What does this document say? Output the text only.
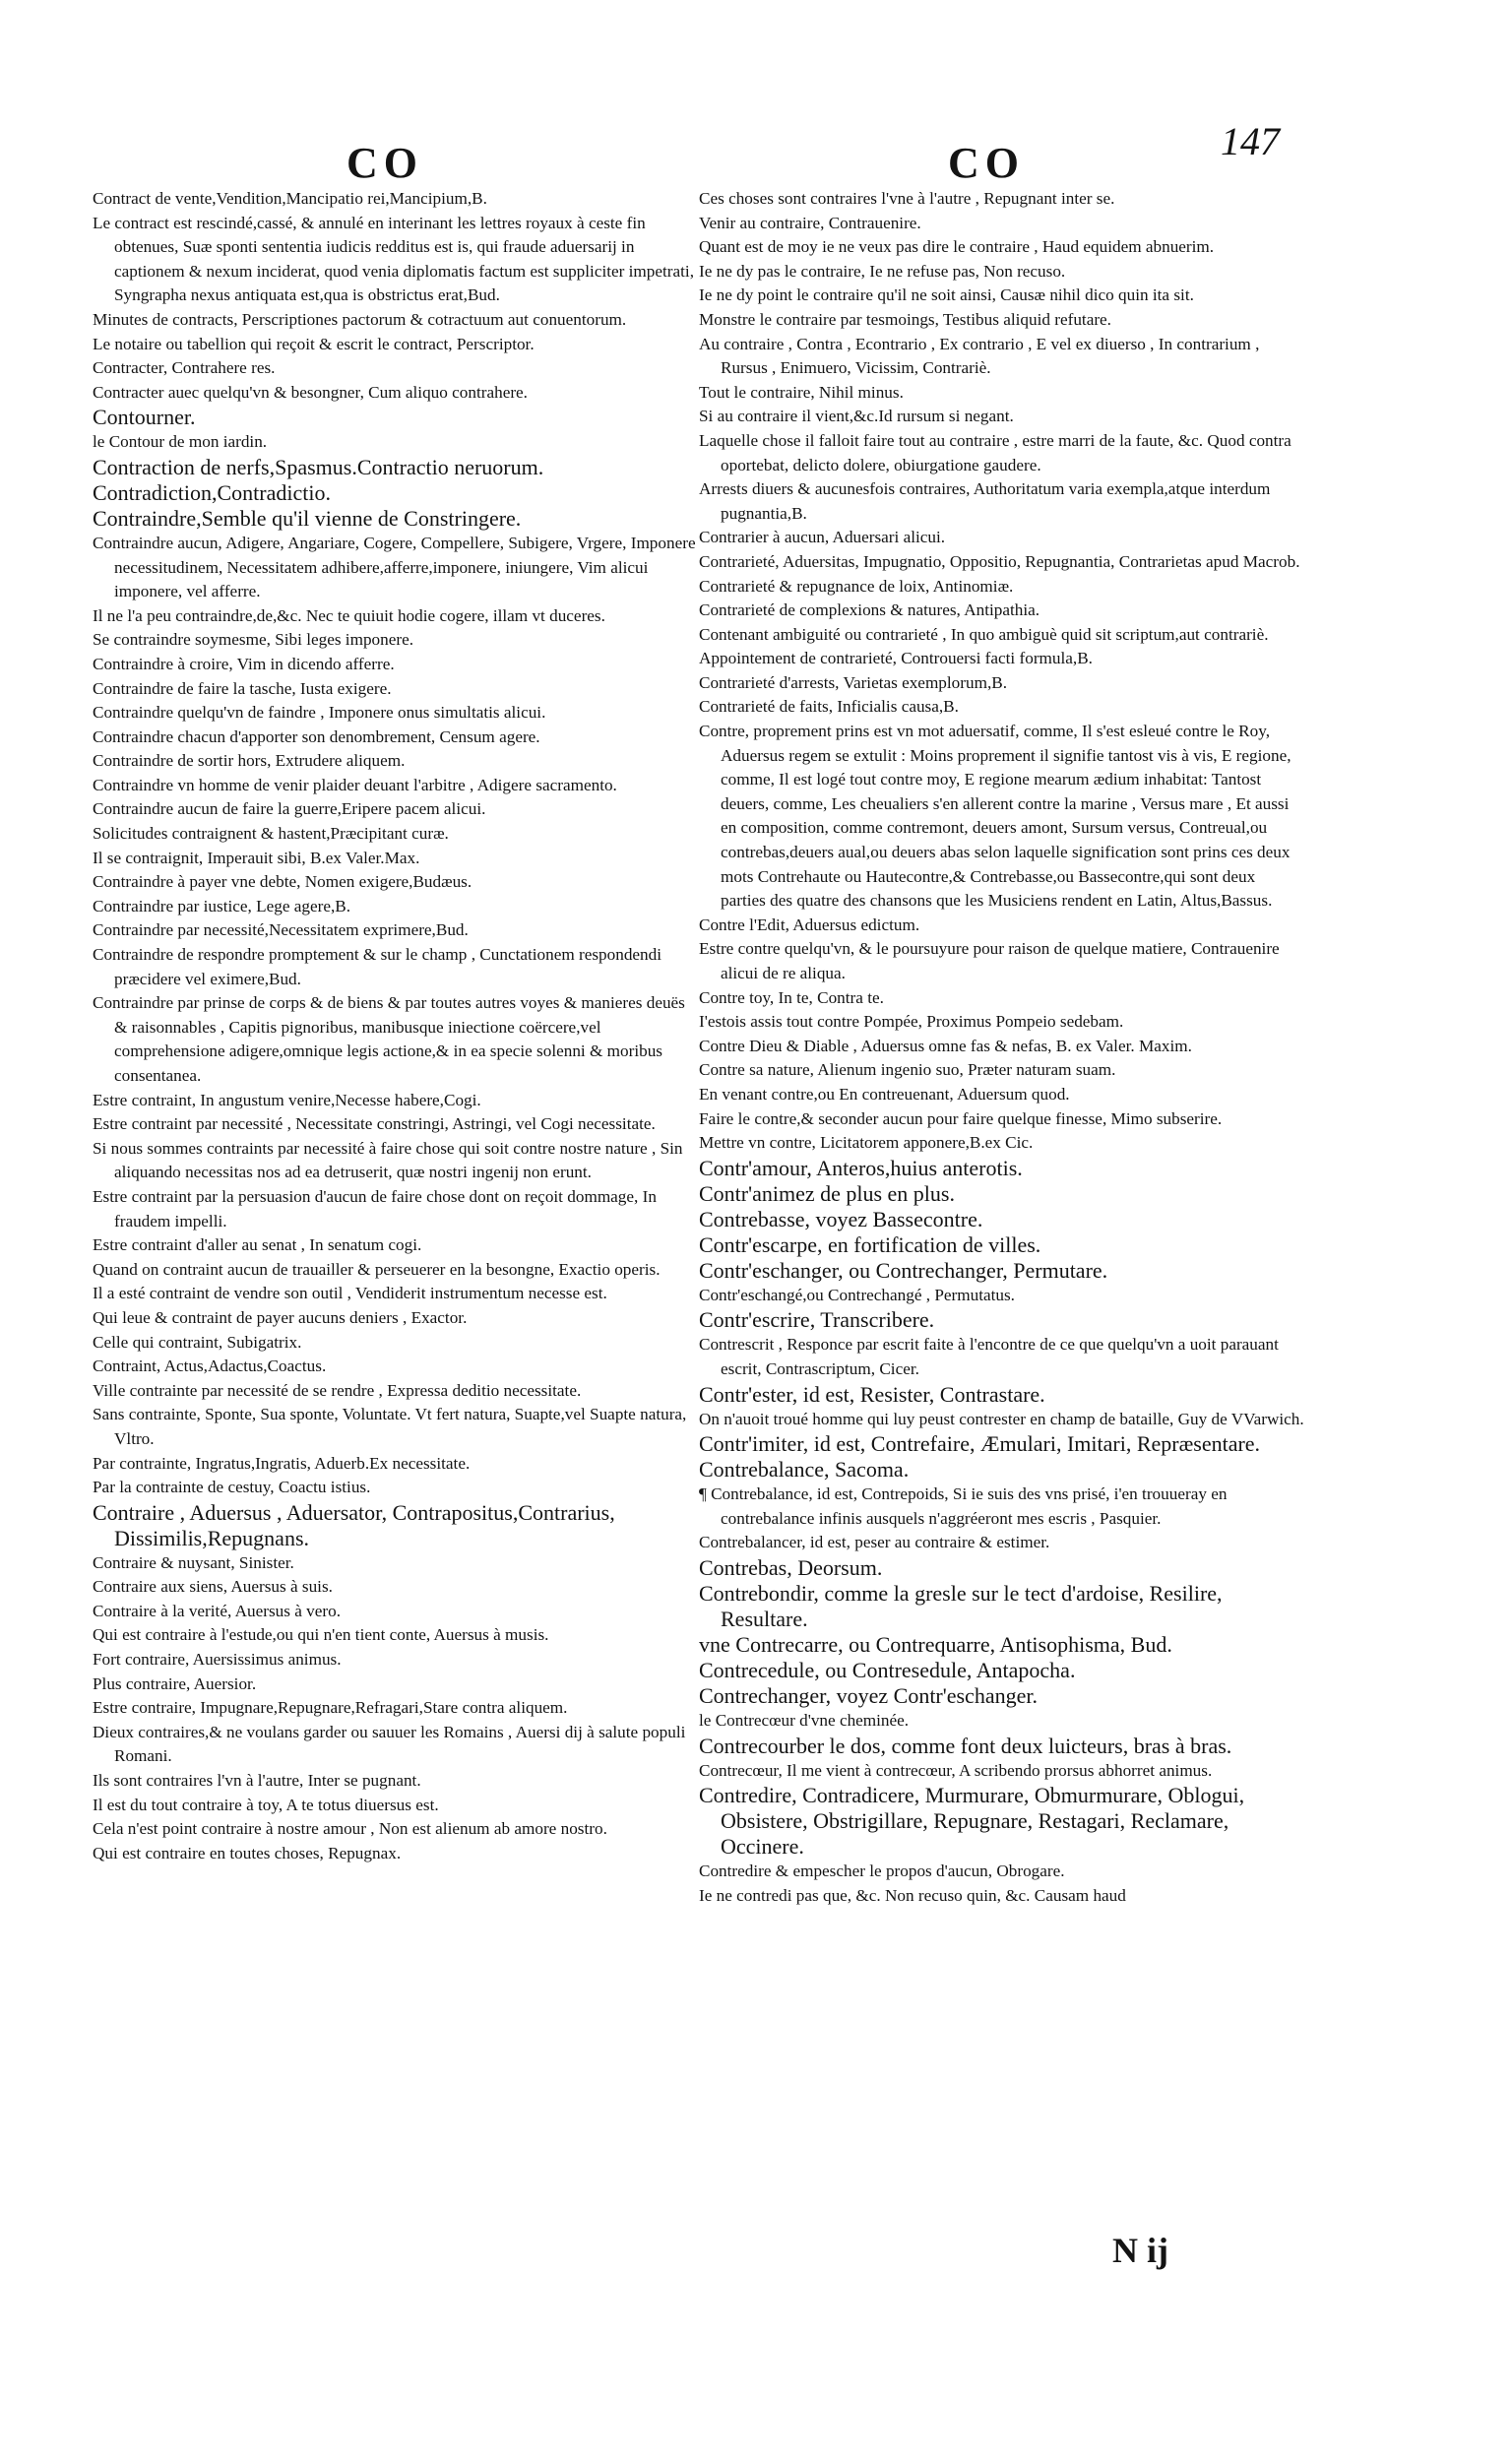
CO	CO	147

Contract de vente,Vendition,Mancipatio rei,Mancipium,B.

Le contract est rescindé,cassé, & annulé en interinant les lettres royaux à ceste fin obtenues, Suæ sponti sententia iudicis redditus est is, qui fraude aduersarij in captionem & nexum inciderat, quod venia diplomatis factum est suppliciter impetrati, Syngrapha nexus antiquata est,qua is obstrictus erat,Bud.

Minutes de contracts, Perscriptiones pactorum & cotractuum aut conuentorum.

Le notaire ou tabellion qui reçoit & escrit le contract, Perscriptor.

Contracter, Contrahere res.

Contracter auec quelqu'vn & besongner, Cum aliquo contrahere.

Contourner.

le Contour de mon iardin.

Contraction de nerfs,Spasmus.Contractio neruorum.

Contradiction,Contradictio.

Contraindre,Semble qu'il vienne de Constringere.

Contraindre aucun, Adigere, Angariare, Cogere, Compellere, Subigere, Vrgere, Imponere necessitudinem, Necessitatem adhibere,afferre,imponere, iniungere, Vim alicui imponere, vel afferre.

Il ne l'a peu contraindre,de,&c. Nec te quiuit hodie cogere, illam vt duceres.

Se contraindre soymesme, Sibi leges imponere.

Contraindre à croire, Vim in dicendo afferre.

Contraindre de faire la tasche, Iusta exigere.

Contraindre quelqu'vn de faindre , Imponere onus simultatis alicui.

Contraindre chacun d'apporter son denombrement, Censum agere.

Contraindre de sortir hors, Extrudere aliquem.

Contraindre vn homme de venir plaider deuant l'arbitre , Adigere sacramento.

Contraindre aucun de faire la guerre,Eripere pacem alicui.

Solicitudes contraignent & hastent,Præcipitant curæ.

Il se contraignit, Imperauit sibi, B.ex Valer.Max.

Contraindre à payer vne debte, Nomen exigere,Budæus.

Contraindre par iustice, Lege agere,B.

Contraindre par necessité,Necessitatem exprimere,Bud.

Contraindre de respondre promptement & sur le champ , Cunctationem respondendi præcidere vel eximere,Bud.

Contraindre par prinse de corps & de biens & par toutes autres voyes & manieres deuës & raisonnables , Capitis pignoribus, manibusque iniectione coërcere,vel comprehensione adigere,omnique legis actione,& in ea specie solenni & moribus consentanea.

Estre contraint, In angustum venire,Necesse habere,Cogi.

Estre contraint par necessité , Necessitate constringi, Astringi, vel Cogi necessitate.

Si nous sommes contraints par necessité à faire chose qui soit contre nostre nature , Sin aliquando necessitas nos ad ea detruserit, quæ nostri ingenij non erunt.

Estre contraint par la persuasion d'aucun de faire chose dont on reçoit dommage, In fraudem impelli.

Estre contraint d'aller au senat , In senatum cogi.

Quand on contraint aucun de trauailler & perseuerer en la besongne, Exactio operis.

Il a esté contraint de vendre son outil , Vendiderit instrumentum necesse est.

Qui leue & contraint de payer aucuns deniers , Exactor.

Celle qui contraint, Subigatrix.

Contraint, Actus,Adactus,Coactus.

Ville contrainte par necessité de se rendre , Expressa deditio necessitate.

Sans contrainte, Sponte, Sua sponte, Voluntate. Vt fert natura, Suapte,vel Suapte natura, Vltro.

Par contrainte, Ingratus,Ingratis, Aduerb.Ex necessitate.

Par la contrainte de cestuy, Coactu istius.

Contraire , Aduersus , Aduersator, Contrapositus,Contrarius, Dissimilis,Repugnans.

Contraire & nuysant, Sinister.

Contraire aux siens, Auersus à suis.

Contraire à la verité, Auersus à vero.

Qui est contraire à l'estude,ou qui n'en tient conte, Auersus à musis.

Fort contraire, Auersissimus animus.

Plus contraire, Auersior.

Estre contraire, Impugnare,Repugnare,Refragari,Stare contra aliquem.

Dieux contraires,& ne voulans garder ou sauuer les Romains , Auersi dij à salute populi Romani.

Ils sont contraires l'vn à l'autre, Inter se pugnant.

Il est du tout contraire à toy, A te totus diuersus est.

Cela n'est point contraire à nostre amour , Non est alienum ab amore nostro.

Qui est contraire en toutes choses, Repugnax.

Ces choses sont contraires l'vne à l'autre , Repugnant inter se.

Venir au contraire, Contrauenire.

Quant est de moy ie ne veux pas dire le contraire , Haud equidem abnuerim.

Ie ne dy pas le contraire, Ie ne refuse pas, Non recuso.

Ie ne dy point le contraire qu'il ne soit ainsi, Causæ nihil dico quin ita sit.

Monstre le contraire par tesmoings, Testibus aliquid refutare.

Au contraire , Contra , Econtrario , Ex contrario , E vel ex diuerso , In contrarium , Rursus , Enimuero, Vicissim, Contrariè.

Tout le contraire, Nihil minus.

Si au contraire il vient,&c.Id rursum si negant.

Laquelle chose il falloit faire tout au contraire , estre marri de la faute, &c. Quod contra oportebat, delicto dolere, obiurgatione gaudere.

Arrests diuers & aucunesfois contraires, Authoritatum varia exempla,atque interdum pugnantia,B.

Contrarier à aucun, Aduersari alicui.

Contrarieté, Aduersitas, Impugnatio, Oppositio, Repugnantia, Contrarietas apud Macrob.

Contrarieté & repugnance de loix, Antinomiæ.

Contrarieté de complexions & natures, Antipathia.

Contenant ambiguité ou contrarieté , In quo ambiguè quid sit scriptum,aut contrariè.

Appointement de contrarieté, Controuersi facti formula,B.

Contrarieté d'arrests, Varietas exemplorum,B.

Contrarieté de faits, Inficialis causa,B.

Contre, proprement prins est vn mot aduersatif, comme, Il s'est esleué contre le Roy, Aduersus regem se extulit : Moins proprement il signifie tantost vis à vis, E regione, comme, Il est logé tout contre moy, E regione mearum ædium inhabitat: Tantost deuers, comme, Les cheualiers s'en allerent contre la marine , Versus mare , Et aussi en composition, comme contremont, deuers amont, Sursum versus, Contreual,ou contrebas,deuers aual,ou deuers abas selon laquelle signification sont prins ces deux mots Contrehaute ou Hautecontre,& Contrebasse,ou Bassecontre,qui sont deux parties des quatre des chansons que les Musiciens rendent en Latin, Altus,Bassus.

Contre l'Edit, Aduersus edictum.

Estre contre quelqu'vn, & le poursuyure pour raison de quelque matiere, Contrauenire alicui de re aliqua.

Contre toy, In te, Contra te.

I'estois assis tout contre Pompée, Proximus Pompeio sedebam.

Contre Dieu & Diable , Aduersus omne fas & nefas, B. ex Valer. Maxim.

Contre sa nature, Alienum ingenio suo, Præter naturam suam.

En venant contre,ou En contreuenant, Aduersum quod.

Faire le contre,& seconder aucun pour faire quelque finesse, Mimo subserire.

Mettre vn contre, Licitatorem apponere,B.ex Cic.

Contr'amour, Anteros,huius anterotis.

Contr'animez de plus en plus.

Contrebasse, voyez Bassecontre.

Contr'escarpe, en fortification de villes.

Contr'eschanger, ou Contrechanger, Permutare.

Contr'eschangé,ou Contrechangé , Permutatus.

Contr'escrire, Transcribere.

Contrescrit , Responce par escrit faite à l'encontre de ce que quelqu'vn a uoit parauant escrit, Contrascriptum, Cicer.

Contr'ester, id est, Resister, Contrastare.

On n'auoit troué homme qui luy peust contrester en champ de bataille, Guy de VVarwich.

Contr'imiter, id est, Contrefaire, Æmulari, Imitari, Repræsentare.

Contrebalance, Sacoma.

¶ Contrebalance, id est, Contrepoids, Si ie suis des vns prisé, i'en trouueray en contrebalance infinis ausquels n'aggréeront mes escris , Pasquier.

Contrebalancer, id est, peser au contraire & estimer.

Contrebas, Deorsum.

Contrebondir, comme la gresle sur le tect d'ardoise, Resilire, Resultare.

vne Contrecarre, ou Contrequarre, Antisophisma, Bud.

Contrecedule, ou Contresedule, Antapocha.

Contrechanger, voyez Contr'eschanger.

le Contrecœur d'vne cheminée.

Contrecourber le dos, comme font deux luicteurs, bras à bras.

Contrecœur, Il me vient à contrecœur, A scribendo prorsus abhorret animus.

Contredire, Contradicere, Murmurare, Obmurmurare, Oblogui, Obsistere, Obstrigillare, Repugnare, Restagari, Reclamare, Occinere.

Contredire & empescher le propos d'aucun, Obrogare.

Ie ne contredi pas que, &c. Non recuso quin, &c. Causam haud

N ij
